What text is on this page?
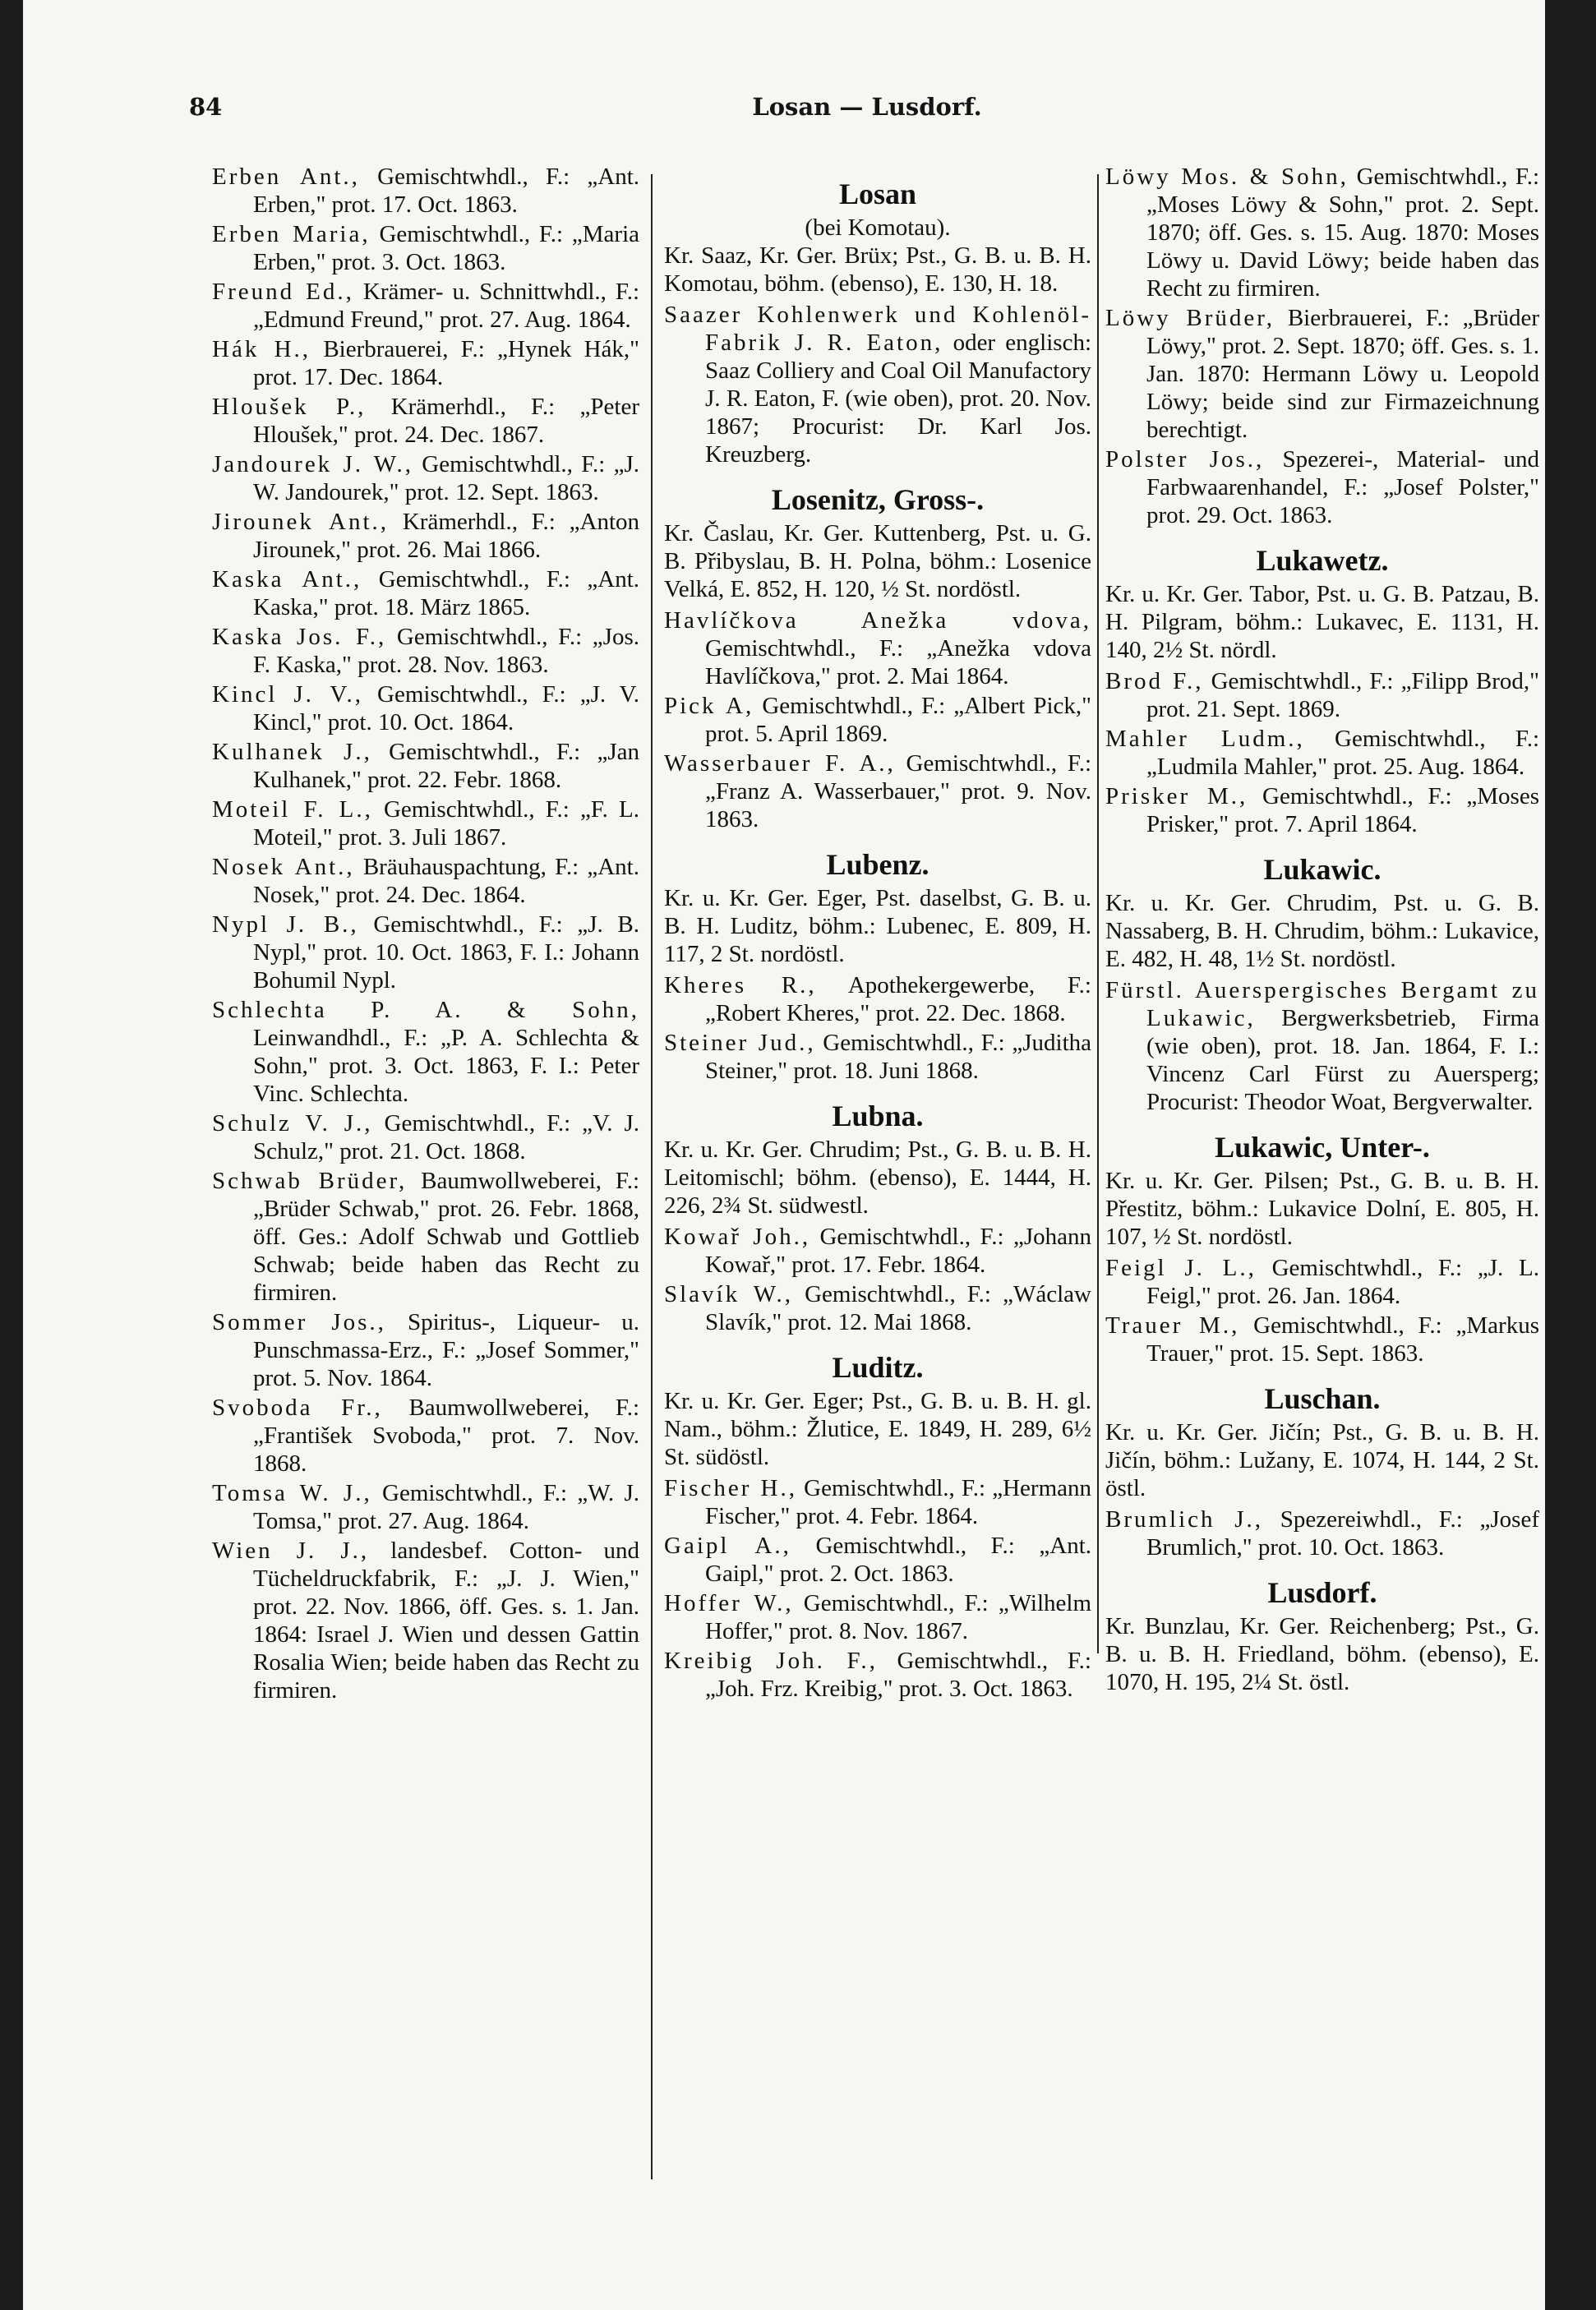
84	Losan — Lusdorf.
Erben Ant., Gemischtwhdl., F.: „Ant. Erben," prot. 17. Oct. 1863.
Erben Maria, Gemischtwhdl., F.: „Maria Erben," prot. 3. Oct. 1863.
Freund Ed., Krämer- u. Schnittwhdl., F.: „Edmund Freund," prot. 27. Aug. 1864.
Hák H., Bierbrauerei, F.: „Hynek Hák," prot. 17. Dec. 1864.
Hloušek P., Krämerhdl., F.: „Peter Hloušek," prot. 24. Dec. 1867.
Jandourek J. W., Gemischtwhdl., F.: „J. W. Jandourek," prot. 12. Sept. 1863.
Jirounek Ant., Krämerhdl., F.: „Anton Jirounek," prot. 26. Mai 1866.
Kaska Ant., Gemischtwhdl., F.: „Ant. Kaska," prot. 18. März 1865.
Kaska Jos. F., Gemischtwhdl., F.: „Jos. F. Kaska," prot. 28. Nov. 1863.
Kincl J. V., Gemischtwhdl., F.: „J. V. Kincl," prot. 10. Oct. 1864.
Kulhanek J., Gemischtwhdl., F.: „Jan Kulhanek," prot. 22. Febr. 1868.
Moteil F. L., Gemischtwhdl., F.: „F. L. Moteil," prot. 3. Juli 1867.
Nosek Ant., Bräuhauspachtung, F.: „Ant. Nosek," prot. 24. Dec. 1864.
Nypl J. B., Gemischtwhdl., F.: „J. B. Nypl," prot. 10. Oct. 1863, F. I.: Johann Bohumil Nypl.
Schlechta P. A. & Sohn, Leinwandhdl., F.: „P. A. Schlechta & Sohn," prot. 3. Oct. 1863, F. I.: Peter Vinc. Schlechta.
Schulz V. J., Gemischtwhdl., F.: „V. J. Schulz," prot. 21. Oct. 1868.
Schwab Brüder, Baumwollweberei, F.: „Brüder Schwab," prot. 26. Febr. 1868, öff. Ges.: Adolf Schwab und Gottlieb Schwab; beide haben das Recht zu firmiren.
Sommer Jos., Spiritus-, Liqueur- u. Punschmassa-Erz., F.: „Josef Sommer," prot. 5. Nov. 1864.
Svoboda Fr., Baumwollweberei, F.: „František Svoboda," prot. 7. Nov. 1868.
Tomsa W. J., Gemischtwhdl., F.: „W. J. Tomsa," prot. 27. Aug. 1864.
Wien J. J., landesbef. Cotton- und Tücheldruckfabrik, F.: „J. J. Wien," prot. 22. Nov. 1866, öff. Ges. s. 1. Jan. 1864: Israel J. Wien und dessen Gattin Rosalia Wien; beide haben das Recht zu firmiren.
Losan
(bei Komotau).
Kr. Saaz, Kr. Ger. Brüx; Pst., G. B. u. B. H. Komotau, böhm. (ebenso), E. 130, H. 18.
Saazer Kohlenwerk und Kohlenöl-Fabrik J. R. Eaton, oder englisch: Saaz Colliery and Coal Oil Manufactory J. R. Eaton, F. (wie oben), prot. 20. Nov. 1867; Procurist: Dr. Karl Jos. Kreuzberg.
Losenitz, Gross-.
Kr. Časlau, Kr. Ger. Kuttenberg, Pst. u. G. B. Přibyslau, B. H. Polna, böhm.: Losenice Velká, E. 852, H. 120, ½ St. nordöstl.
Havlíčkova Anežka vdova, Gemischtwhdl., F.: „Anežka vdova Havlíčkova," prot. 2. Mai 1864.
Pick A, Gemischtwhdl., F.: „Albert Pick," prot. 5. April 1869.
Wasserbauer F. A., Gemischtwhdl., F.: „Franz A. Wasserbauer," prot. 9. Nov. 1863.
Lubenz.
Kr. u. Kr. Ger. Eger, Pst. daselbst, G. B. u. B. H. Luditz, böhm.: Lubenec, E. 809, H. 117, 2 St. nordöstl.
Kheres R., Apothekergewerbe, F.: „Robert Kheres," prot. 22. Dec. 1868.
Steiner Jud., Gemischtwhdl., F.: „Juditha Steiner," prot. 18. Juni 1868.
Lubna.
Kr. u. Kr. Ger. Chrudim; Pst., G. B. u. B. H. Leitomischl; böhm. (ebenso), E. 1444, H. 226, 2¾ St. südwestl.
Kowař Joh., Gemischtwhdl., F.: „Johann Kowař," prot. 17. Febr. 1864.
Slavík W., Gemischtwhdl., F.: „Wáclaw Slavík," prot. 12. Mai 1868.
Luditz.
Kr. u. Kr. Ger. Eger; Pst., G. B. u. B. H. gl. Nam., böhm.: Žlutice, E. 1849, H. 289, 6½ St. südöstl.
Fischer H., Gemischtwhdl., F.: „Hermann Fischer," prot. 4. Febr. 1864.
Gaipl A., Gemischtwhdl., F.: „Ant. Gaipl," prot. 2. Oct. 1863.
Hoffer W., Gemischtwhdl., F.: „Wilhelm Hoffer," prot. 8. Nov. 1867.
Kreibig Joh. F., Gemischtwhdl., F.: „Joh. Frz. Kreibig," prot. 3. Oct. 1863.
Löwy Mos. & Sohn, Gemischtwhdl., F.: „Moses Löwy & Sohn," prot. 2. Sept. 1870; öff. Ges. s. 15. Aug. 1870: Moses Löwy u. David Löwy; beide haben das Recht zu firmiren.
Löwy Brüder, Bierbrauerei, F.: „Brüder Löwy," prot. 2. Sept. 1870; öff. Ges. s. 1. Jan. 1870: Hermann Löwy u. Leopold Löwy; beide sind zur Firmazeichnung berechtigt.
Polster Jos., Spezerei-, Material- und Farbwaarenhandel, F.: „Josef Polster," prot. 29. Oct. 1863.
Lukawetz.
Kr. u. Kr. Ger. Tabor, Pst. u. G. B. Patzau, B. H. Pilgram, böhm.: Lukavec, E. 1131, H. 140, 2½ St. nördl.
Brod F., Gemischtwhdl., F.: „Filipp Brod," prot. 21. Sept. 1869.
Mahler Ludm., Gemischtwhdl., F.: „Ludmila Mahler," prot. 25. Aug. 1864.
Prisker M., Gemischtwhdl., F.: „Moses Prisker," prot. 7. April 1864.
Lukawic.
Kr. u. Kr. Ger. Chrudim, Pst. u. G. B. Nassaberg, B. H. Chrudim, böhm.: Lukavice, E. 482, H. 48, 1½ St. nordöstl.
Fürstl. Auerspergisches Bergamt zu Lukawic, Bergwerksbetrieb, Firma (wie oben), prot. 18. Jan. 1864, F. I.: Vincenz Carl Fürst zu Auersperg; Procurist: Theodor Woat, Bergverwalter.
Lukawic, Unter-.
Kr. u. Kr. Ger. Pilsen; Pst., G. B. u. B. H. Přestitz, böhm.: Lukavice Dolní, E. 805, H. 107, ½ St. nordöstl.
Feigl J. L., Gemischtwhdl., F.: „J. L. Feigl," prot. 26. Jan. 1864.
Trauer M., Gemischtwhdl., F.: „Markus Trauer," prot. 15. Sept. 1863.
Luschan.
Kr. u. Kr. Ger. Jičín; Pst., G. B. u. B. H. Jičín, böhm.: Lužany, E. 1074, H. 144, 2 St. östl.
Brumlich J., Spezereiwhdl., F.: „Josef Brumlich," prot. 10. Oct. 1863.
Lusdorf.
Kr. Bunzlau, Kr. Ger. Reichenberg; Pst., G. B. u. B. H. Friedland, böhm. (ebenso), E. 1070, H. 195, 2¼ St. östl.
